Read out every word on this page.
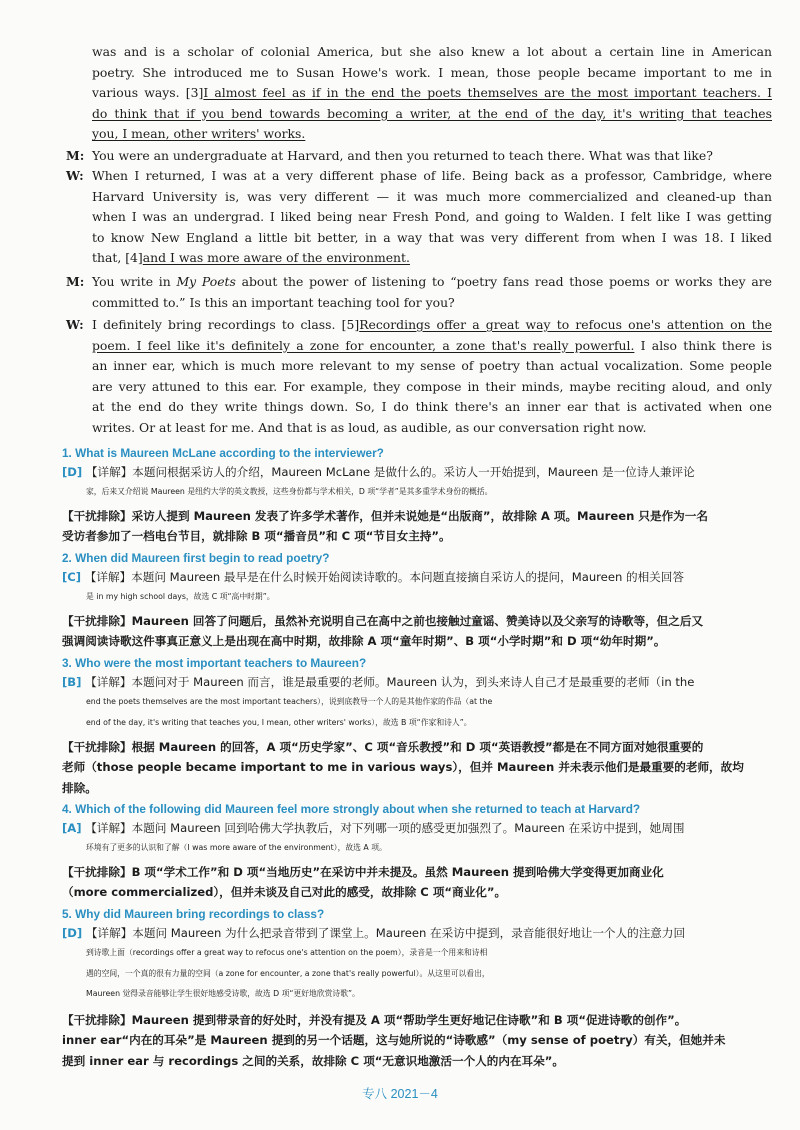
was and is a scholar of colonial America, but she also knew a lot about a certain line in American
poetry. She introduced me to Susan Howe's work. I mean, those people became important to me in
various ways. [3]I almost feel as if in the end the poets themselves are the most important teachers. I
do think that if you bend towards becoming a writer, at the end of the day, it's writing that teaches
you, I mean, other writers' works.
M: You were an undergraduate at Harvard, and then you returned to teach there. What was that like?
W: When I returned, I was at a very different phase of life. Being back as a professor, Cambridge, where
Harvard University is, was very different — it was much more commercialized and cleaned-up than
when I was an undergrad. I liked being near Fresh Pond, and going to Walden. I felt like I was getting
to know New England a little bit better, in a way that was very different from when I was 18. I liked
that, [4]and I was more aware of the environment.
M: You write in My Poets about the power of listening to “poetry fans read those poems or works they are
committed to.” Is this an important teaching tool for you?
W: I definitely bring recordings to class. [5]Recordings offer a great way to refocus one's attention on the
poem. I feel like it's definitely a zone for encounter, a zone that's really powerful. I also think there is
an inner ear, which is much more relevant to my sense of poetry than actual vocalization. Some people
are very attuned to this ear. For example, they compose in their minds, maybe reciting aloud, and only
at the end do they write things down. So, I do think there's an inner ear that is activated when one
writes. Or at least for me. And that is as loud, as audible, as our conversation right now.
1. What is Maureen McLane according to the interviewer?
[D] 【详解】本题问根据采访人的介绍，Maureen McLane 是做什么的。采访人一开始提到，Maureen 是一位诗人兼评论
家，后来又介绍说 Maureen 是纽约大学的英文教授，这些身份都与学术相关，D 项“学者”是其多重学术身份的概括。
【干扰排除】采访人提到 Maureen 发表了许多学术著作，但并未说她是“出版商”，故排除 A 项。Maureen 只是作为一名
受访者参加了一档电台节目，就排除 B 项“播音员”和 C 项“节目女主持”。
2. When did Maureen first begin to read poetry?
[C] 【详解】本题问 Maureen 最早是在什么时候开始阅读诗歌的。本问题直接摘自采访人的提问，Maureen 的相关回答
是 in my high school days，故选 C 项“高中时期”。
【干扰排除】Maureen 回答了问题后，虽然补充说明自己在高中之前也接触过童谣、赞美诗以及父亲写的诗歌等，但之后又
强调阅读诗歌这件事真正意义上是出现在高中时期，故排除 A 项“童年时期”、B 项“小学时期”和 D 项“幼年时期”。
3. Who were the most important teachers to Maureen?
[B] 【详解】本题问对于 Maureen 而言，谁是最重要的老师。Maureen 认为，到头来诗人自己才是最重要的老师（in the
end the poets themselves are the most important teachers），说到底教导一个人的是其他作家的作品（at the
end of the day, it's writing that teaches you, I mean, other writers' works），故选 B 项“作家和诗人”。
【干扰排除】根据 Maureen 的回答，A 项“历史学家”、C 项“音乐教授”和 D 项“英语教授”都是在不同方面对她很重要的
老师（those people became important to me in various ways），但并 Maureen 并未表示他们是最重要的老师，故均
排除。
4. Which of the following did Maureen feel more strongly about when she returned to teach at Harvard?
[A] 【详解】本题问 Maureen 回到哈佛大学执教后，对下列哪一项的感受更加强烈了。Maureen 在采访中提到，她周围
环境有了更多的认识和了解（I was more aware of the environment），故选 A 项。
【干扰排除】B 项“学术工作”和 D 项“当地历史”在采访中并未提及。虽然 Maureen 提到哈佛大学变得更加商业化
（more commercialized），但并未谈及自己对此的感受，故排除 C 项“商业化”。
5. Why did Maureen bring recordings to class?
[D] 【详解】本题问 Maureen 为什么把录音带到了课堂上。Maureen 在采访中提到，录音能很好地让一个人的注意力回
到诗歌上面（recordings offer a great way to refocus one's attention on the poem），录音是一个用来和诗相
遇的空间，一个真的很有力量的空间（a zone for encounter, a zone that's really powerful）。从这里可以看出，
Maureen 觉得录音能够让学生很好地感受诗歌，故选 D 项“更好地欣赏诗歌”。
【干扰排除】Maureen 提到带录音的好处时，并没有提及 A 项“帮助学生更好地记住诗歌”和 B 项“促进诗歌的创作”。
inner ear“内在的耳朵”是 Maureen 提到的另一个话题，这与她所说的“诗歌感”（my sense of poetry）有关，但她并未
提到 inner ear 与 recordings 之间的关系，故排除 C 项“无意识地激活一个人的内在耳朵”。
专八 2021－4
